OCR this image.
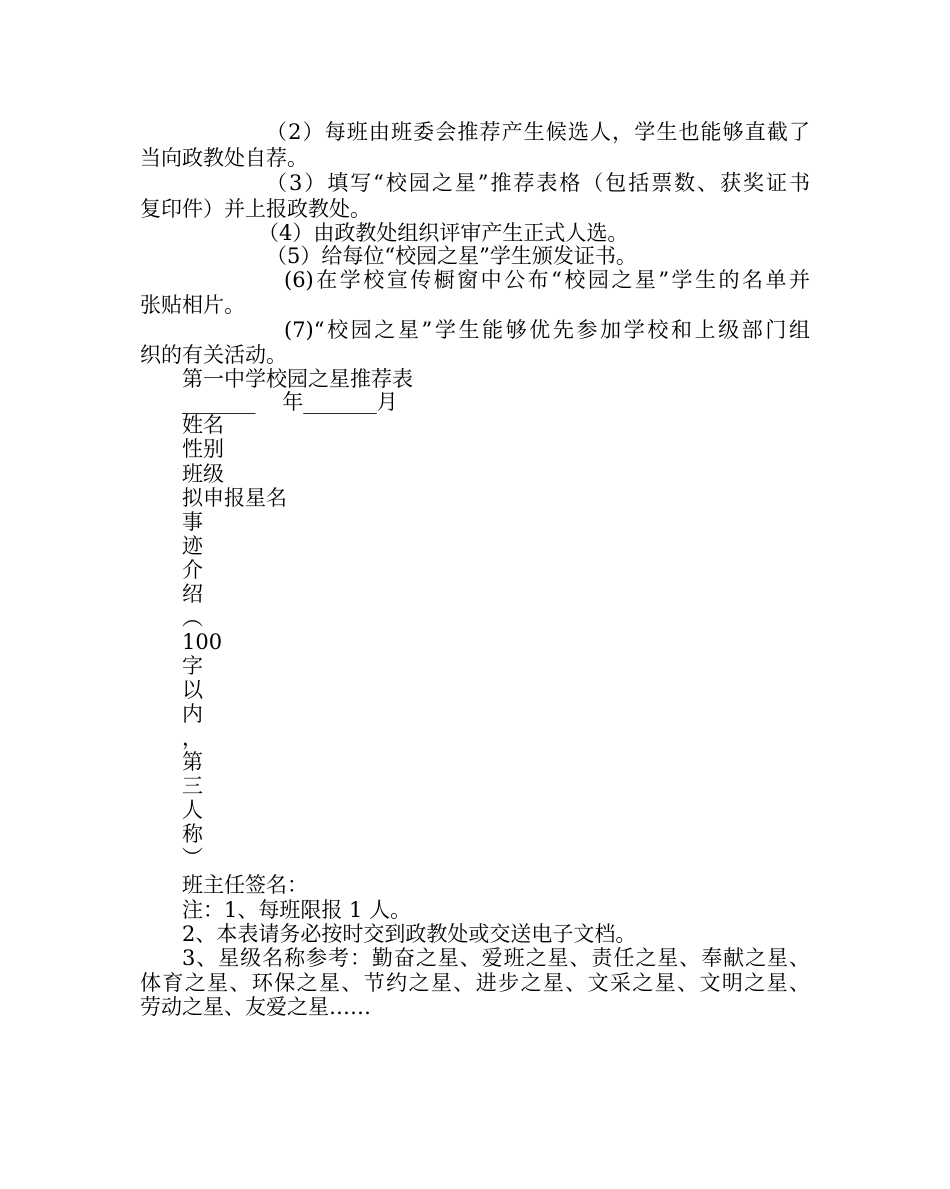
（2）每班由班委会推荐产生候选人，学生也能够直截了
当向政教处自荐。
（3）填写“校园之星”推荐表格（包括票数、获奖证书
复印件）并上报政教处。
（4）由政教处组织评审产生正式人选。
（5）给每位“校园之星”学生颁发证书。
(6)在学校宣传橱窗中公布“校园之星”学生的名单并
张贴相片。
(7)“校园之星”学生能够优先参加学校和上级部门组
织的有关活动。
第一中学校园之星推荐表
_______    年_______月
姓名
性别
班级
拟申报星名
事
迹
介
绍
︵
100
字
以
内
，
第
三
人
称
︶
班主任签名：
注：1、每班限报 1 人。
2、本表请务必按时交到政教处或交送电子文档。
3、星级名称参考：勤奋之星、爱班之星、责任之星、奉献之星、
体育之星、环保之星、节约之星、进步之星、文采之星、文明之星、
劳动之星、友爱之星……
